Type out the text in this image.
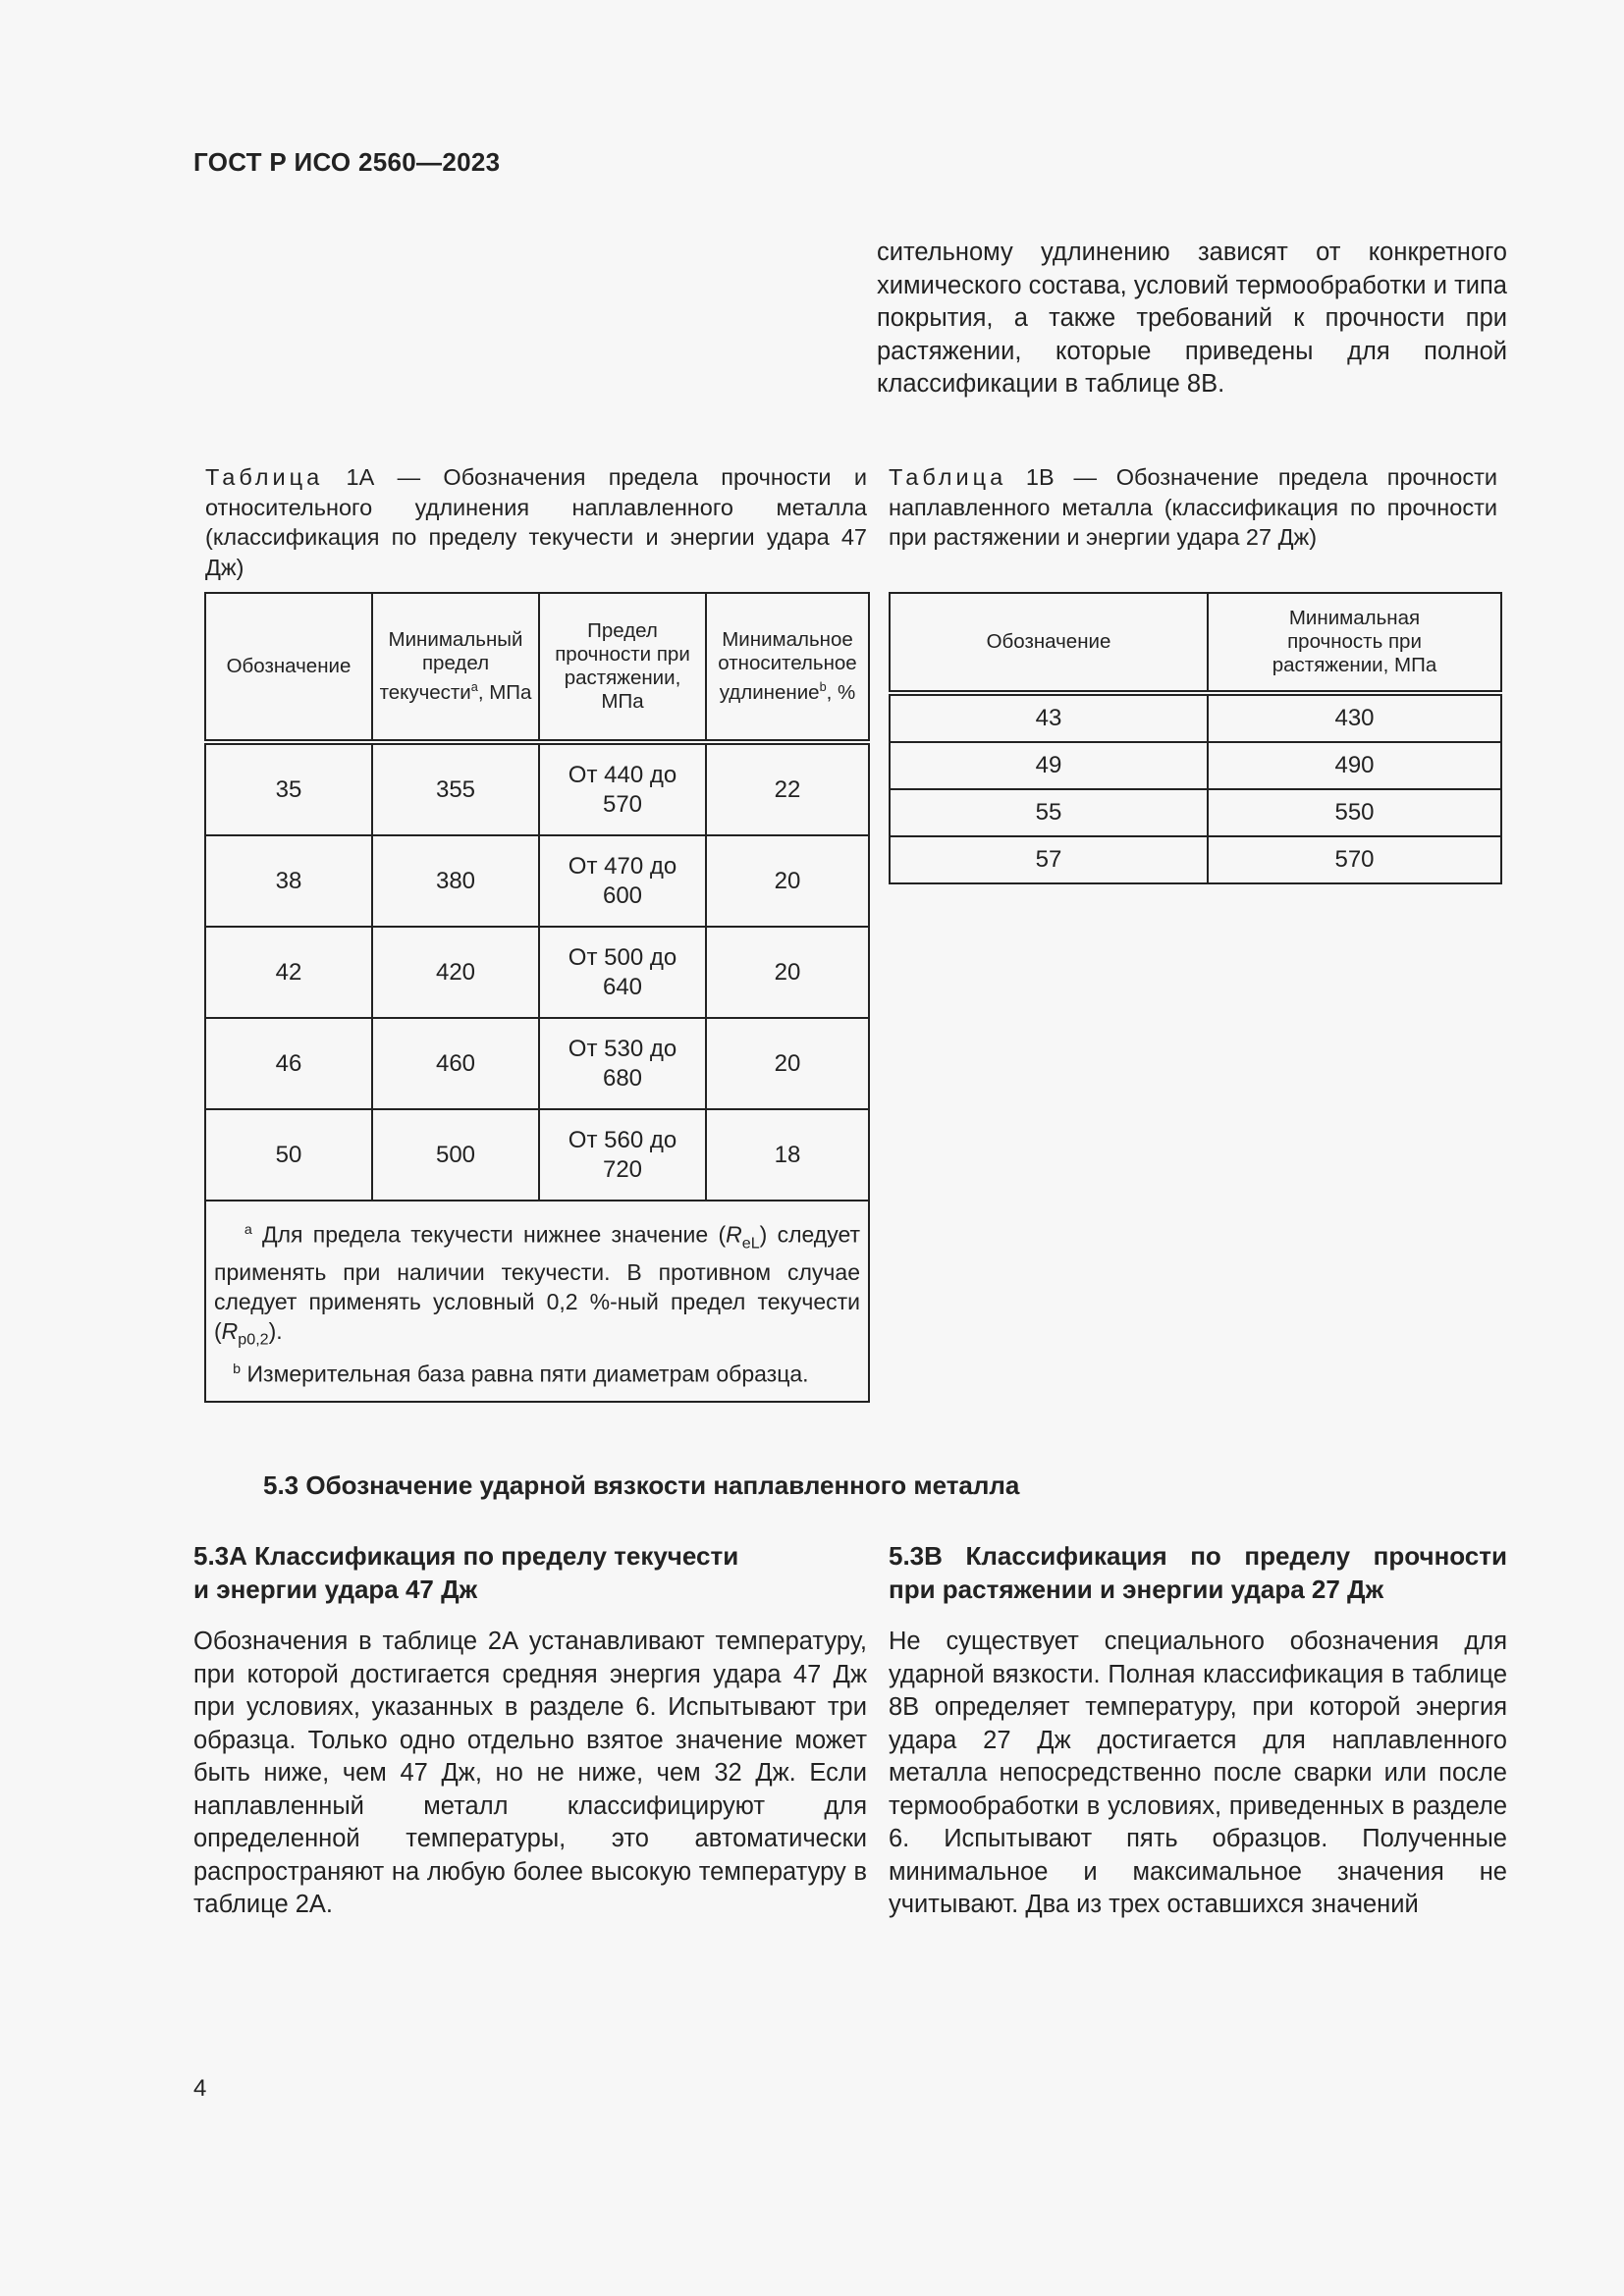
ГОСТ Р ИСО 2560—2023

сительному удлинению зависят от конкретного химического состава, условий термообработки и типа покрытия, а также требований к прочности при растяжении, которые приведены для полной классификации в таблице 8B.

Таблица 1А — Обозначения предела прочности и относительного удлинения наплавленного металла (классификация по пределу текучести и энергии удара 47 Дж)

Таблица 1В — Обозначение предела прочности наплавленного металла (классификация по прочности при растяжении и энергии удара 27 Дж)

Обозначение	Минимальный предел текучести$^a$, МПа	Предел прочности при растяжении, МПа	Минимальное относительное удлинение$^b$, %
35	355	От 440 до 570	22
38	380	От 470 до 600	20
42	420	От 500 до 640	20
46	460	От 530 до 680	20
50	500	От 560 до 720	18

$^a$ Для предела текучести нижнее значение $(R_{eL})$ следует применять при наличии текучести. В противном случае следует применять условный 0,2 %-ный предел текучести $(R_{p0,2})$.

$^b$ Измерительная база равна пяти диаметрам образца.			

Обозначение	Минимальная прочность при растяжении, МПа
43	430
49	490
55	550
57	570

5.3 Обозначение ударной вязкости наплавленного металла

5.3А Классификация по пределу текучести

и энергии удара 47 Дж

Обозначения в таблице 2А устанавливают температуру, при которой достигается средняя энергия удара 47 Дж при условиях, указанных в разделе 6. Испытывают три образца. Только одно отдельно взятое значение может быть ниже, чем 47 Дж, но не ниже, чем 32 Дж. Если наплавленный металл классифицируют для определенной температуры, это автоматически распространяют на любую более высокую температуру в таблице 2А.

5.3В Классификация по пределу прочности

при растяжении и энергии удара 27 Дж

Не существует специального обозначения для ударной вязкости. Полная классификация в таблице 8B определяет температуру, при которой энергия удара 27 Дж достигается для наплавленного металла непосредственно после сварки или после термообработки в условиях, приведенных в разделе 6. Испытывают пять образцов. Полученные минимальное и максимальное значения не учитывают. Два из трех оставшихся значений

4
